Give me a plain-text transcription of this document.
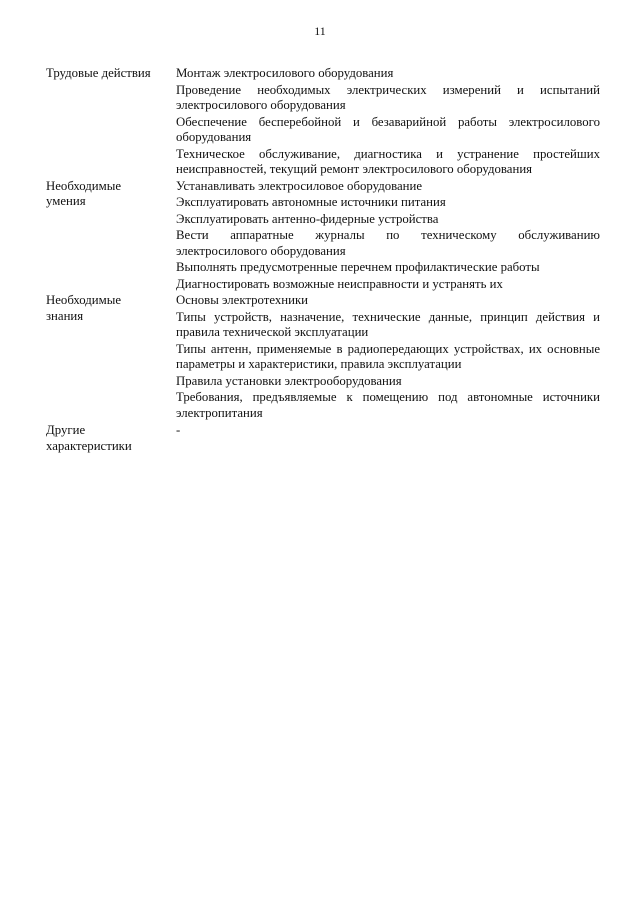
11
Трудовые действия	Монтаж электросилового оборудования
Проведение необходимых электрических измерений и испытаний электросилового оборудования
Обеспечение бесперебойной и безаварийной работы электросилового оборудования
Техническое обслуживание, диагностика и устранение простейших неисправностей, текущий ремонт электросилового оборудования
Необходимые
умения
Устанавливать электросиловое оборудование
Эксплуатировать автономные источники питания
Эксплуатировать антенно-фидерные устройства
Вести аппаратные журналы по техническому обслуживанию электросилового оборудования
Выполнять предусмотренные перечнем профилактические работы
Диагностировать возможные неисправности и устранять их
Необходимые
знания
Основы электротехники
Типы устройств, назначение, технические данные, принцип действия и правила технической эксплуатации
Типы антенн, применяемые в радиопередающих устройствах, их основные параметры и характеристики, правила эксплуатации
Правила установки электрооборудования
Требования, предъявляемые к помещению под автономные источники электропитания
Другие
характеристики
-
